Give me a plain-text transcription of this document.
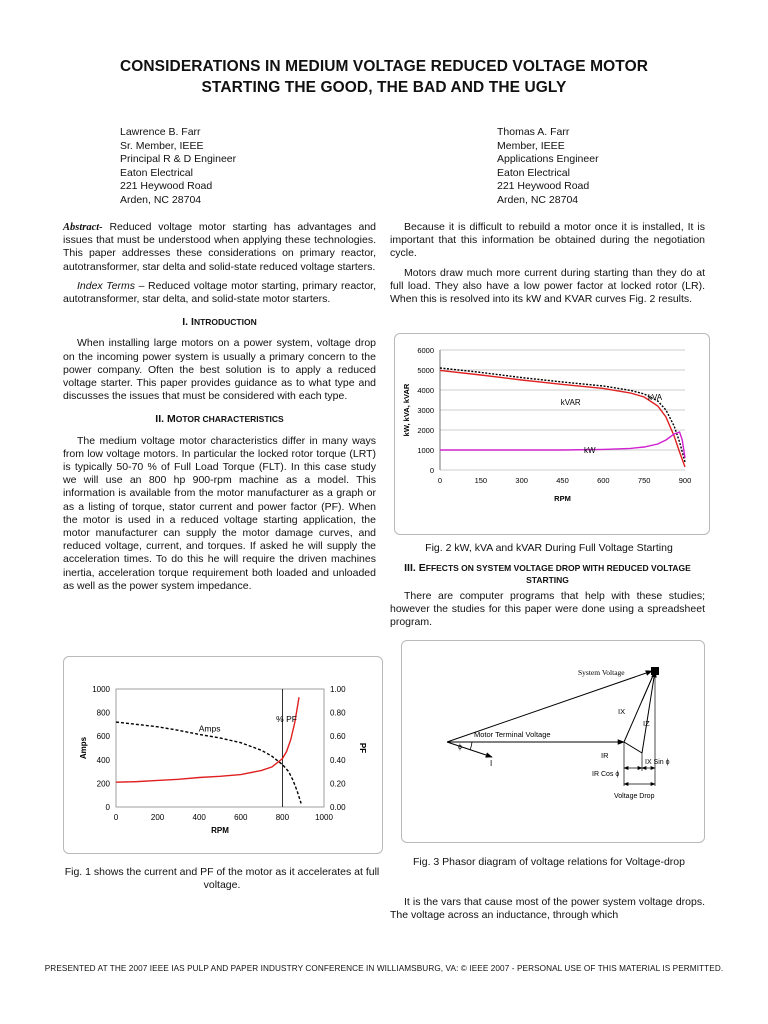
CONSIDERATIONS IN MEDIUM VOLTAGE REDUCED VOLTAGE MOTOR
STARTING THE GOOD, THE BAD AND THE UGLY
Lawrence B. Farr
Sr. Member, IEEE
Principal R & D Engineer
Eaton Electrical
221 Heywood Road
Arden, NC 28704
Thomas A. Farr
Member, IEEE
Applications Engineer
Eaton Electrical
221 Heywood Road
Arden, NC 28704

Abstract- Reduced voltage motor starting has advantages and issues that must be understood when applying these technologies. This paper addresses these considerations on primary reactor, autotransformer, star delta and solid-state reduced voltage starters.

Index Terms – Reduced voltage motor starting, primary reactor, autotransformer, star delta, and solid-state motor starters.

I. INTRODUCTION

When installing large motors on a power system, voltage drop on the incoming power system is usually a primary concern to the power company. Often the best solution is to apply a reduced voltage starter. This paper provides guidance as to what type and discusses the issues that must be considered with each type.

II. MOTOR CHARACTERISTICS

The medium voltage motor characteristics differ in many ways from low voltage motors. In particular the locked rotor torque (LRT) is typically 50-70 % of Full Load Torque (FLT). In this case study we will use an 800 hp 900-rpm machine as a model. This information is available from the motor manufacturer as a graph or as a listing of torque, stator current and power factor (PF). When the motor is used in a reduced voltage starting application, the motor manufacturer can supply the motor damage curves, and reduced voltage, current, and torques. If asked he will supply the acceleration times. To do this he will require the driven machines inertia, acceleration torque requirement both loaded and unloaded as well as the power system impedance.

0	200	400	600	800	1000
0
200
400
600
800
1000
0.00
0.20
0.40
0.60
0.80
1.00
RPM
Amps	PF
Amps
% PF
Fig. 1 shows the current and PF of the motor as it accelerates at full voltage.

Because it is difficult to rebuild a motor once it is installed, It is important that this information be obtained during the negotiation cycle.

Motors draw much more current during starting than they do at full load. They also have a low power factor at locked rotor (LR). When this is resolved into its kW and KVAR curves Fig. 2 results.

0
1000
2000
3000
4000
5000
6000
0	150	300	450	600	750	900
RPM
kW, kVA, kVAR	kVAR
kVA
kW
Fig. 2 kW, kVA and kVAR During Full Voltage Starting
III. EFFECTS ON SYSTEM VOLTAGE DROP WITH REDUCED VOLTAGE STARTING

There are computer programs that help with these studies; however the studies for this paper were done using a spreadsheet program.

System Voltage
Motor Terminal Voltage
IX
IZ
IR
I
ϕ
IR Cos ϕ
IX Sin ϕ
Voltage Drop
Fig. 3 Phasor diagram of voltage relations for Voltage-drop

It is the vars that cause most of the power system voltage drops. The voltage across an inductance, through which

PRESENTED AT THE 2007 IEEE IAS PULP AND PAPER INDUSTRY CONFERENCE IN WILLIAMSBURG, VA: © IEEE 2007 - PERSONAL USE OF THIS MATERIAL IS PERMITTED.
